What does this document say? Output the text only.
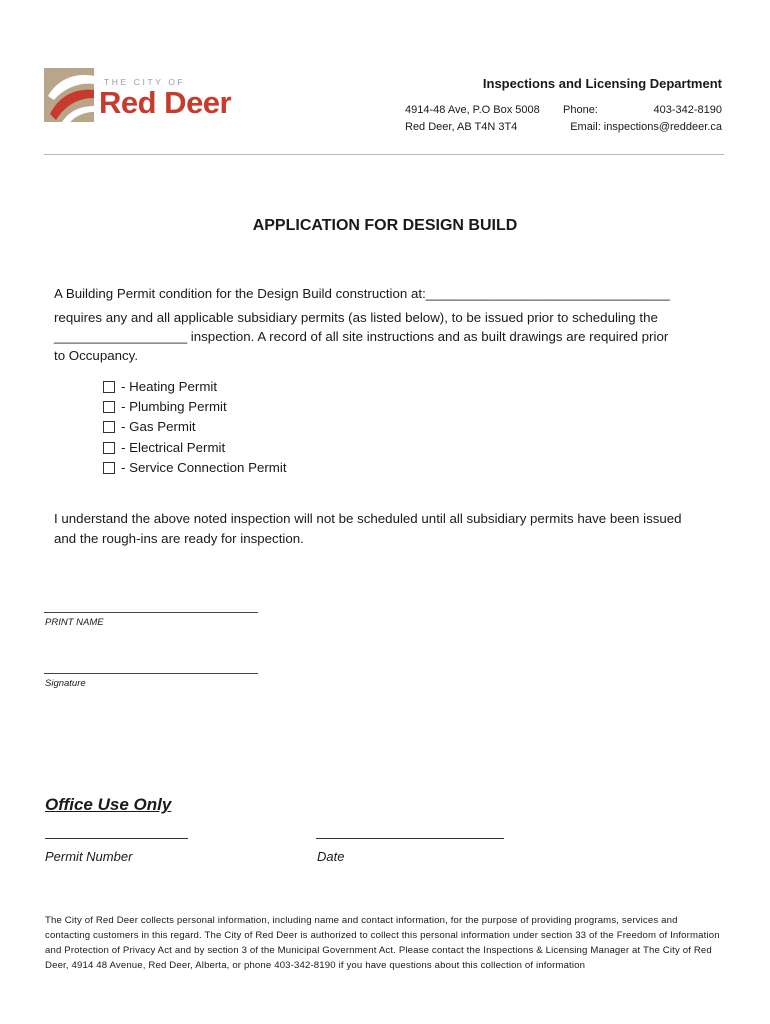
THE CITY OF
Red Deer
Inspections and Licensing Department
4914-48 Ave, P.O Box 5008
Red Deer, AB T4N 3T4
Phone:	403-342-8190
Email: inspections@reddeer.ca
APPLICATION FOR DESIGN BUILD
A Building Permit condition for the Design Build construction at:_________________________________
requires any and all applicable subsidiary permits (as listed below), to be issued prior to scheduling the
__________________ inspection. A record of all site instructions and as built drawings are required prior
to Occupancy.
- Heating Permit
- Plumbing Permit
- Gas Permit
- Electrical Permit
- Service Connection Permit
I understand the above noted inspection will not be scheduled until all subsidiary permits have been issued
and the rough-ins are ready for inspection.
PRINT NAME
Signature
Office Use Only
Permit Number	Date
The City of Red Deer collects personal information, including name and contact information, for the purpose of providing programs, services and contacting customers in this regard. The City of Red Deer is authorized to collect this personal information under section 33 of the Freedom of Information and Protection of Privacy Act and by section 3 of the Municipal Government Act. Please contact the Inspections & Licensing Manager at The City of Red Deer, 4914 48 Avenue, Red Deer, Alberta, or phone 403-342-8190 if you have questions about this collection of information
